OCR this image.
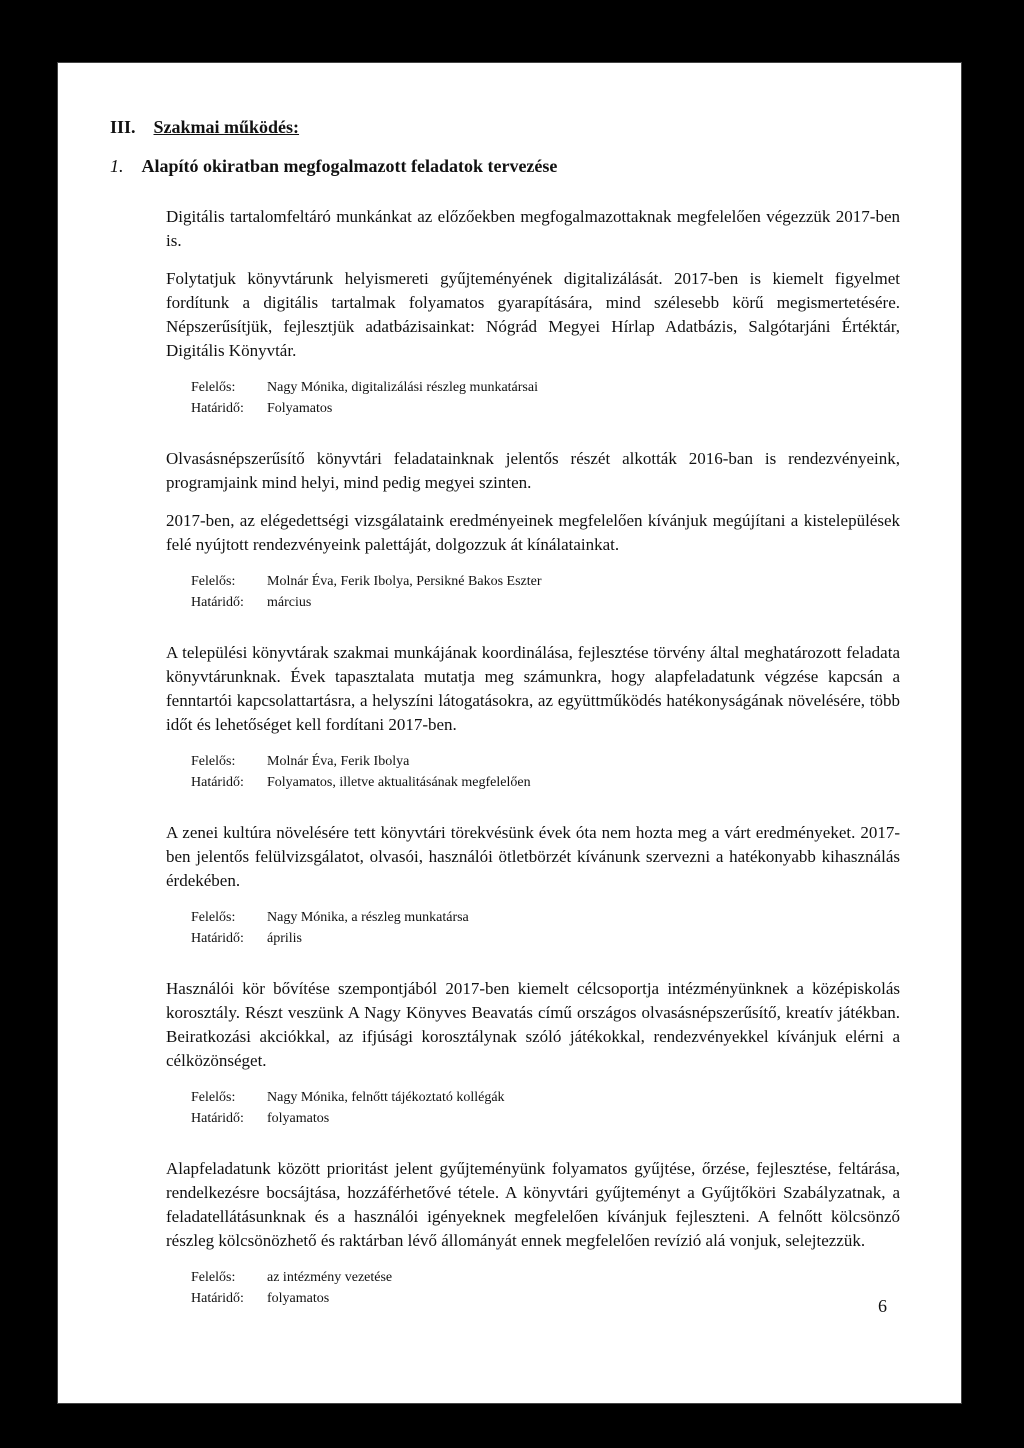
III. Szakmai működés:
1. Alapító okiratban megfogalmazott feladatok tervezése

Digitális tartalomfeltáró munkánkat az előzőekben megfogalmazottaknak megfelelően végezzük 2017-ben is.

Folytatjuk könyvtárunk helyismereti gyűjteményének digitalizálását. 2017-ben is kiemelt figyelmet fordítunk a digitális tartalmak folyamatos gyarapítására, mind szélesebb körű megismertetésére. Népszerűsítjük, fejlesztjük adatbázisainkat: Nógrád Megyei Hírlap Adatbázis, Salgótarjáni Értéktár, Digitális Könyvtár.

Felelős:	Nagy Mónika, digitalizálási részleg munkatársai
Határidő:	Folyamatos

Olvasásnépszerűsítő könyvtári feladatainknak jelentős részét alkották 2016-ban is rendezvényeink, programjaink mind helyi, mind pedig megyei szinten.

2017-ben, az elégedettségi vizsgálataink eredményeinek megfelelően kívánjuk megújítani a kistelepülések felé nyújtott rendezvényeink palettáját, dolgozzuk át kínálatainkat.

Felelős:	Molnár Éva, Ferik Ibolya, Persikné Bakos Eszter
Határidő:	március

A települési könyvtárak szakmai munkájának koordinálása, fejlesztése törvény által meghatározott feladata könyvtárunknak. Évek tapasztalata mutatja meg számunkra, hogy alapfeladatunk végzése kapcsán a fenntartói kapcsolattartásra, a helyszíni látogatásokra, az együttműködés hatékonyságának növelésére, több időt és lehetőséget kell fordítani 2017-ben.

Felelős:	Molnár Éva, Ferik Ibolya
Határidő:	Folyamatos, illetve aktualitásának megfelelően

A zenei kultúra növelésére tett könyvtári törekvésünk évek óta nem hozta meg a várt eredményeket. 2017-ben jelentős felülvizsgálatot, olvasói, használói ötletbörzét kívánunk szervezni a hatékonyabb kihasználás érdekében.

Felelős:	Nagy Mónika, a részleg munkatársa
Határidő:	április

Használói kör bővítése szempontjából 2017-ben kiemelt célcsoportja intézményünknek a középiskolás korosztály. Részt veszünk A Nagy Könyves Beavatás című országos olvasásnépszerűsítő, kreatív játékban. Beiratkozási akciókkal, az ifjúsági korosztálynak szóló játékokkal, rendezvényekkel kívánjuk elérni a célközönséget.

Felelős:	Nagy Mónika, felnőtt tájékoztató kollégák
Határidő:	folyamatos

Alapfeladatunk között prioritást jelent gyűjteményünk folyamatos gyűjtése, őrzése, fejlesztése, feltárása, rendelkezésre bocsájtása, hozzáférhetővé tétele. A könyvtári gyűjteményt a Gyűjtőköri Szabályzatnak, a feladatellátásunknak és a használói igényeknek megfelelően kívánjuk fejleszteni. A felnőtt kölcsönző részleg kölcsönözhető és raktárban lévő állományát ennek megfelelően revízió alá vonjuk, selejtezzük.

Felelős:	az intézmény vezetése
Határidő:	folyamatos	6
